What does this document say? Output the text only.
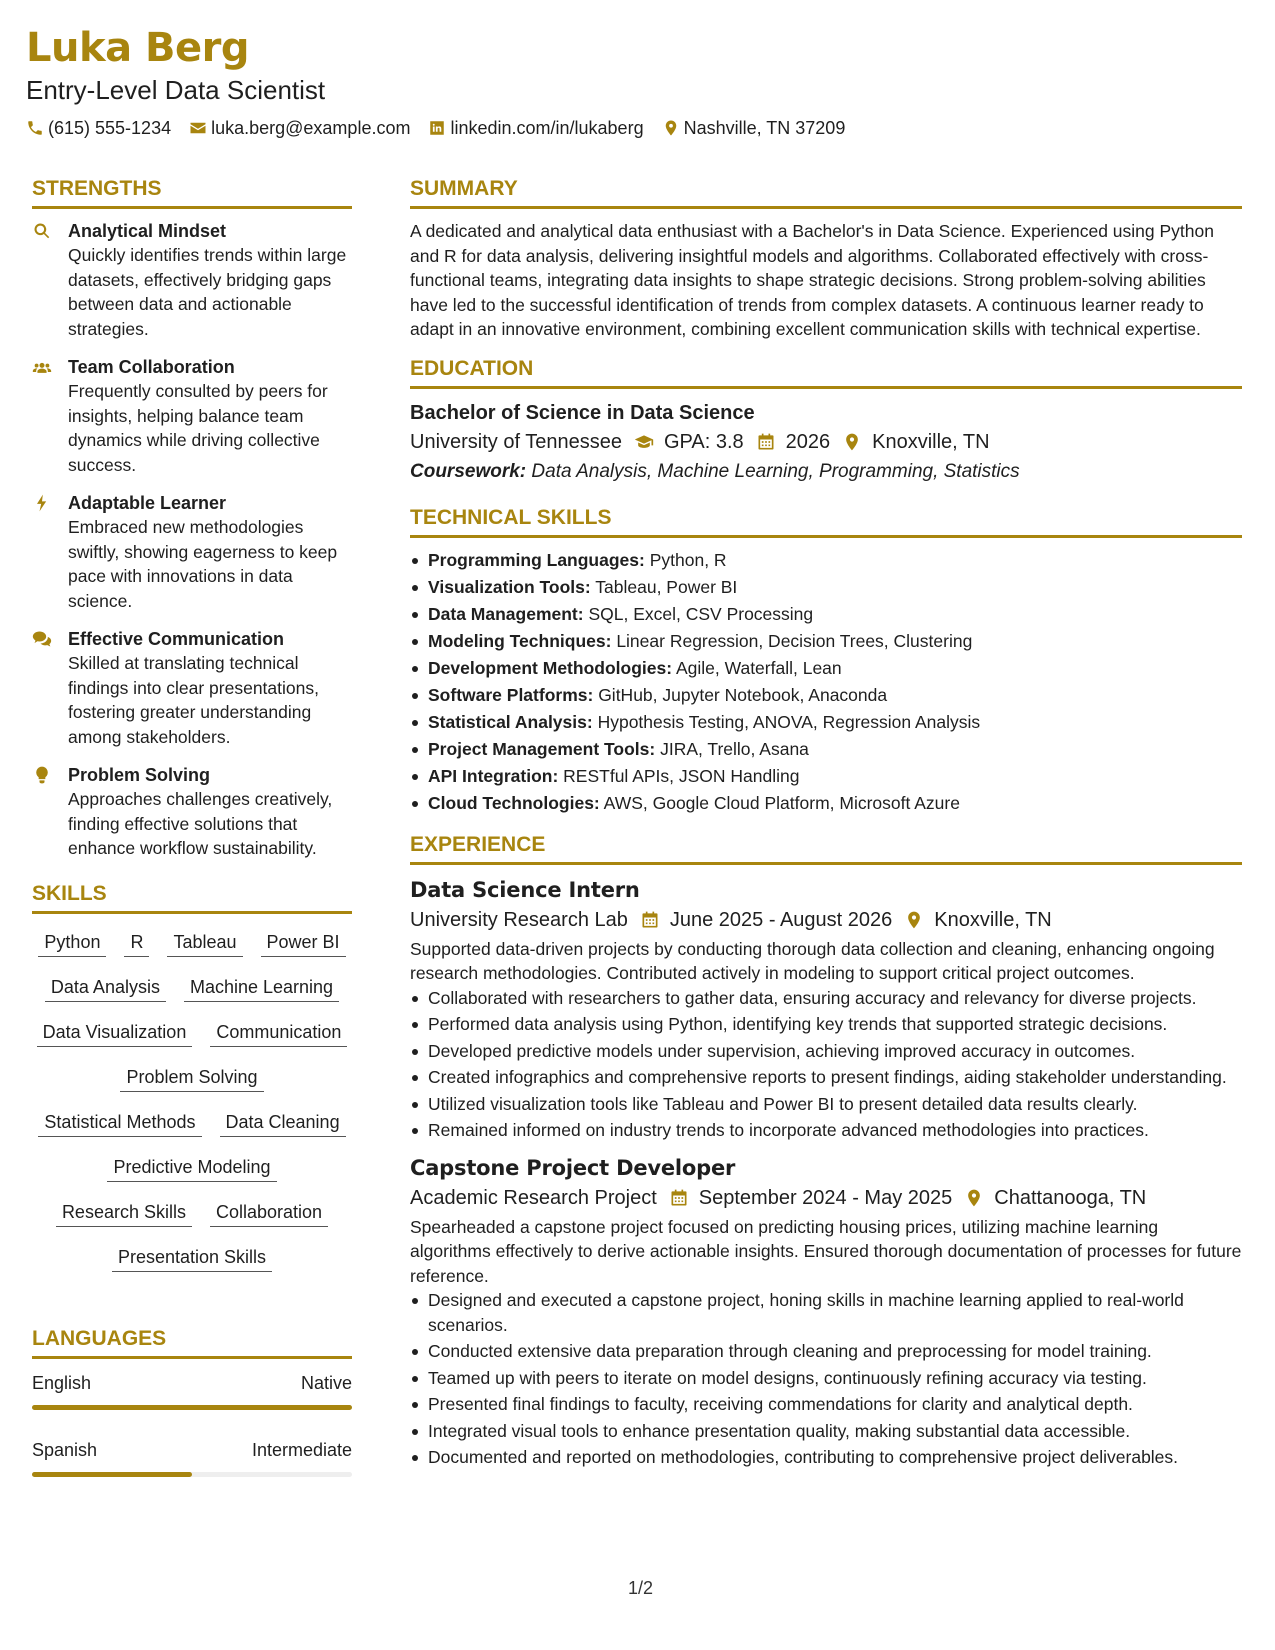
Luka Berg
Entry-Level Data Scientist
(615) 555-1234 luka.berg@example.com linkedin.com/in/lukaberg Nashville, TN 37209
STRENGTHS
Analytical Mindset
Quickly identifies trends within large datasets, effectively bridging gaps between data and actionable strategies.
Team Collaboration
Frequently consulted by peers for insights, helping balance team dynamics while driving collective success.
Adaptable Learner
Embraced new methodologies swiftly, showing eagerness to keep pace with innovations in data science.
Effective Communication
Skilled at translating technical findings into clear presentations, fostering greater understanding among stakeholders.
Problem Solving
Approaches challenges creatively, finding effective solutions that enhance workflow sustainability.
SKILLS
Python	R	Tableau	Power BI
Data Analysis	Machine Learning
Data Visualization	Communication
Problem Solving
Statistical Methods	Data Cleaning
Predictive Modeling
Research Skills	Collaboration
Presentation Skills
LANGUAGES
English	Native
Spanish	Intermediate
SUMMARY
A dedicated and analytical data enthusiast with a Bachelor's in Data Science. Experienced using Python and R for data analysis, delivering insightful models and algorithms. Collaborated effectively with cross-functional teams, integrating data insights to shape strategic decisions. Strong problem-solving abilities have led to the successful identification of trends from complex datasets. A continuous learner ready to adapt in an innovative environment, combining excellent communication skills with technical expertise.
EDUCATION
Bachelor of Science in Data Science
University of Tennessee GPA: 3.8 2026 Knoxville, TN
Coursework: Data Analysis, Machine Learning, Programming, Statistics
TECHNICAL SKILLS
Programming Languages: Python, R
Visualization Tools: Tableau, Power BI
Data Management: SQL, Excel, CSV Processing
Modeling Techniques: Linear Regression, Decision Trees, Clustering
Development Methodologies: Agile, Waterfall, Lean
Software Platforms: GitHub, Jupyter Notebook, Anaconda
Statistical Analysis: Hypothesis Testing, ANOVA, Regression Analysis
Project Management Tools: JIRA, Trello, Asana
API Integration: RESTful APIs, JSON Handling
Cloud Technologies: AWS, Google Cloud Platform, Microsoft Azure
EXPERIENCE
Data Science Intern
University Research Lab June 2025 - August 2026 Knoxville, TN
Supported data-driven projects by conducting thorough data collection and cleaning, enhancing ongoing research methodologies. Contributed actively in modeling to support critical project outcomes.
Collaborated with researchers to gather data, ensuring accuracy and relevancy for diverse projects.
Performed data analysis using Python, identifying key trends that supported strategic decisions.
Developed predictive models under supervision, achieving improved accuracy in outcomes.
Created infographics and comprehensive reports to present findings, aiding stakeholder understanding.
Utilized visualization tools like Tableau and Power BI to present detailed data results clearly.
Remained informed on industry trends to incorporate advanced methodologies into practices.
Capstone Project Developer
Academic Research Project September 2024 - May 2025 Chattanooga, TN
Spearheaded a capstone project focused on predicting housing prices, utilizing machine learning algorithms effectively to derive actionable insights. Ensured thorough documentation of processes for future reference.
Designed and executed a capstone project, honing skills in machine learning applied to real-world scenarios.
Conducted extensive data preparation through cleaning and preprocessing for model training.
Teamed up with peers to iterate on model designs, continuously refining accuracy via testing.
Presented final findings to faculty, receiving commendations for clarity and analytical depth.
Integrated visual tools to enhance presentation quality, making substantial data accessible.
Documented and reported on methodologies, contributing to comprehensive project deliverables.
1/2
